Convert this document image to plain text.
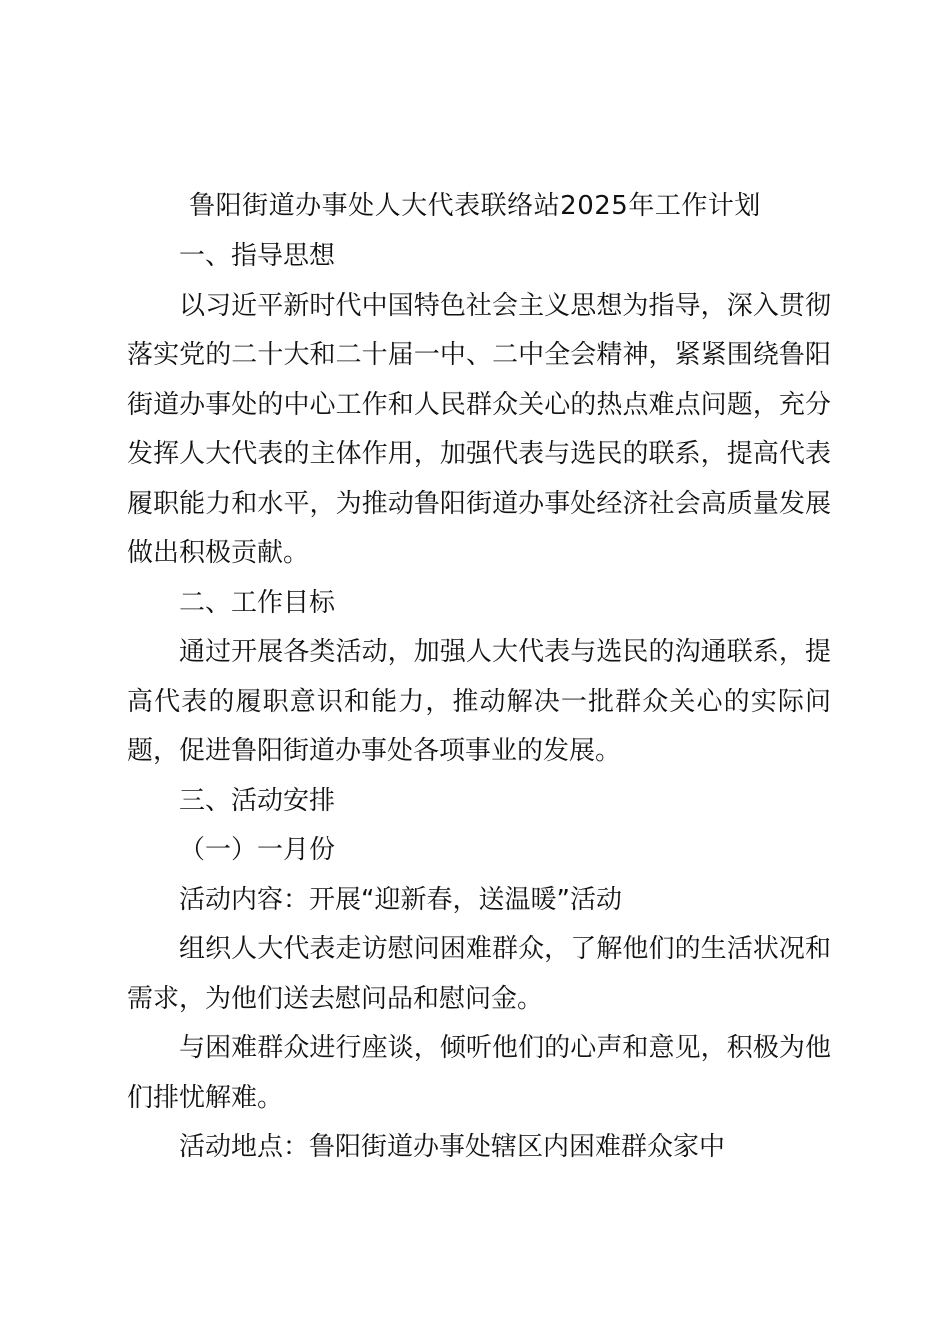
鲁阳街道办事处人大代表联络站2025年工作计划

一、指导思想

以习近平新时代中国特色社会主义思想为指导，深入贯彻落实党的二十大和二十届一中、二中全会精神，紧紧围绕鲁阳街道办事处的中心工作和人民群众关心的热点难点问题，充分发挥人大代表的主体作用，加强代表与选民的联系，提高代表履职能力和水平，为推动鲁阳街道办事处经济社会高质量发展做出积极贡献。

二、工作目标

通过开展各类活动，加强人大代表与选民的沟通联系，提高代表的履职意识和能力，推动解决一批群众关心的实际问题，促进鲁阳街道办事处各项事业的发展。

三、活动安排

（一）一月份

活动内容：开展“迎新春，送温暖”活动

组织人大代表走访慰问困难群众，了解他们的生活状况和需求，为他们送去慰问品和慰问金。

与困难群众进行座谈，倾听他们的心声和意见，积极为他们排忧解难。

活动地点：鲁阳街道办事处辖区内困难群众家中
